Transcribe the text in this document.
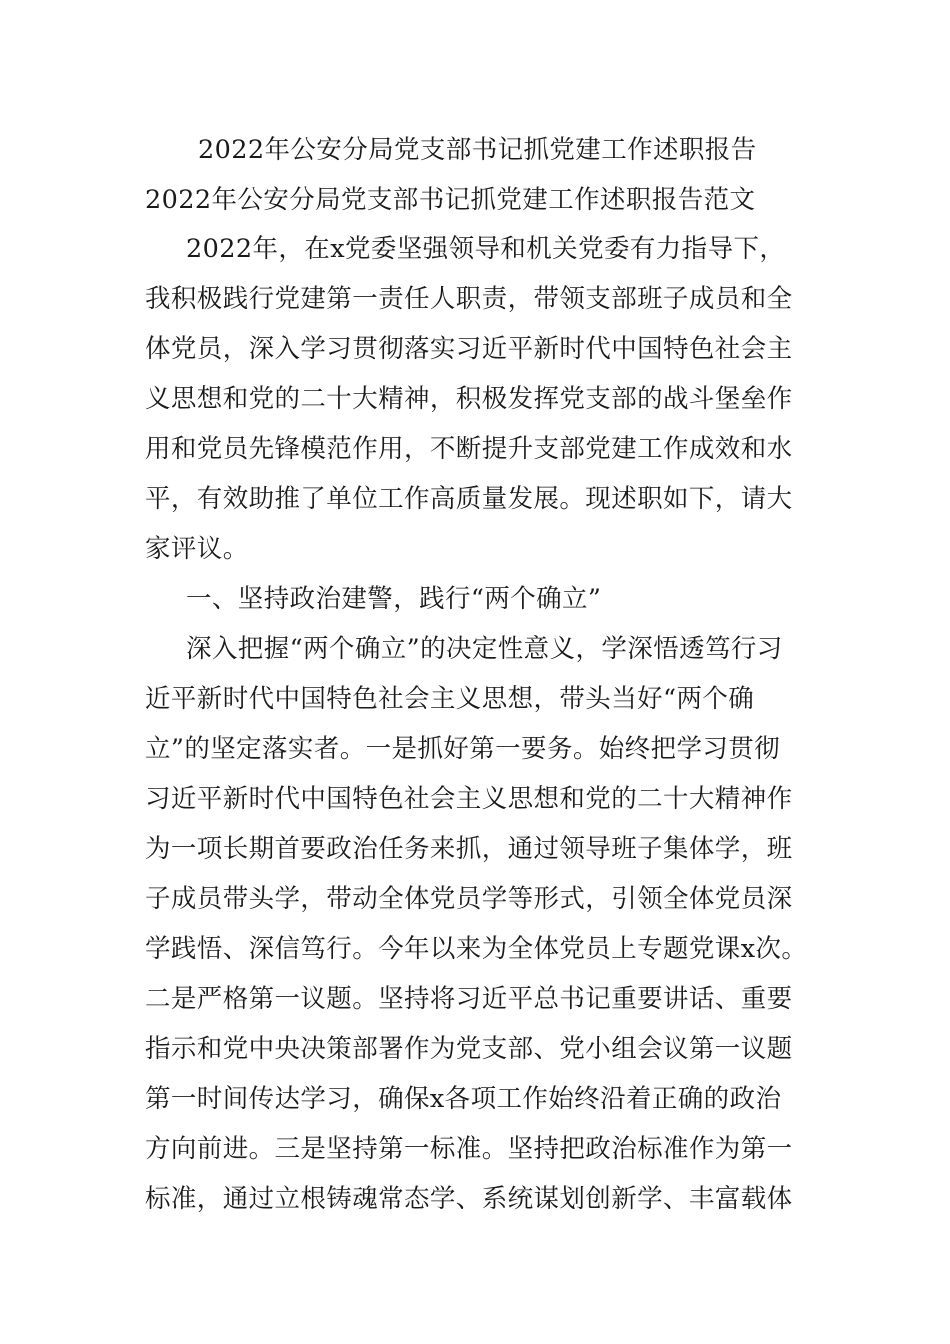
2022年公安分局党支部书记抓党建工作述职报告

2022年公安分局党支部书记抓党建工作述职报告范文

2022年，在x党委坚强领导和机关党委有力指导下，

我积极践行党建第一责任人职责，带领支部班子成员和全

体党员，深入学习贯彻落实习近平新时代中国特色社会主

义思想和党的二十大精神，积极发挥党支部的战斗堡垒作

用和党员先锋模范作用，不断提升支部党建工作成效和水

平，有效助推了单位工作高质量发展。现述职如下，请大

家评议。

一、坚持政治建警，践行“两个确立”

深入把握“两个确立”的决定性意义，学深悟透笃行习

近平新时代中国特色社会主义思想，带头当好“两个确

立”的坚定落实者。一是抓好第一要务。始终把学习贯彻

习近平新时代中国特色社会主义思想和党的二十大精神作

为一项长期首要政治任务来抓，通过领导班子集体学，班

子成员带头学，带动全体党员学等形式，引领全体党员深

学践悟、深信笃行。今年以来为全体党员上专题党课x次。

二是严格第一议题。坚持将习近平总书记重要讲话、重要

指示和党中央决策部署作为党支部、党小组会议第一议题

第一时间传达学习，确保x各项工作始终沿着正确的政治

方向前进。三是坚持第一标准。坚持把政治标准作为第一

标准，通过立根铸魂常态学、系统谋划创新学、丰富载体
